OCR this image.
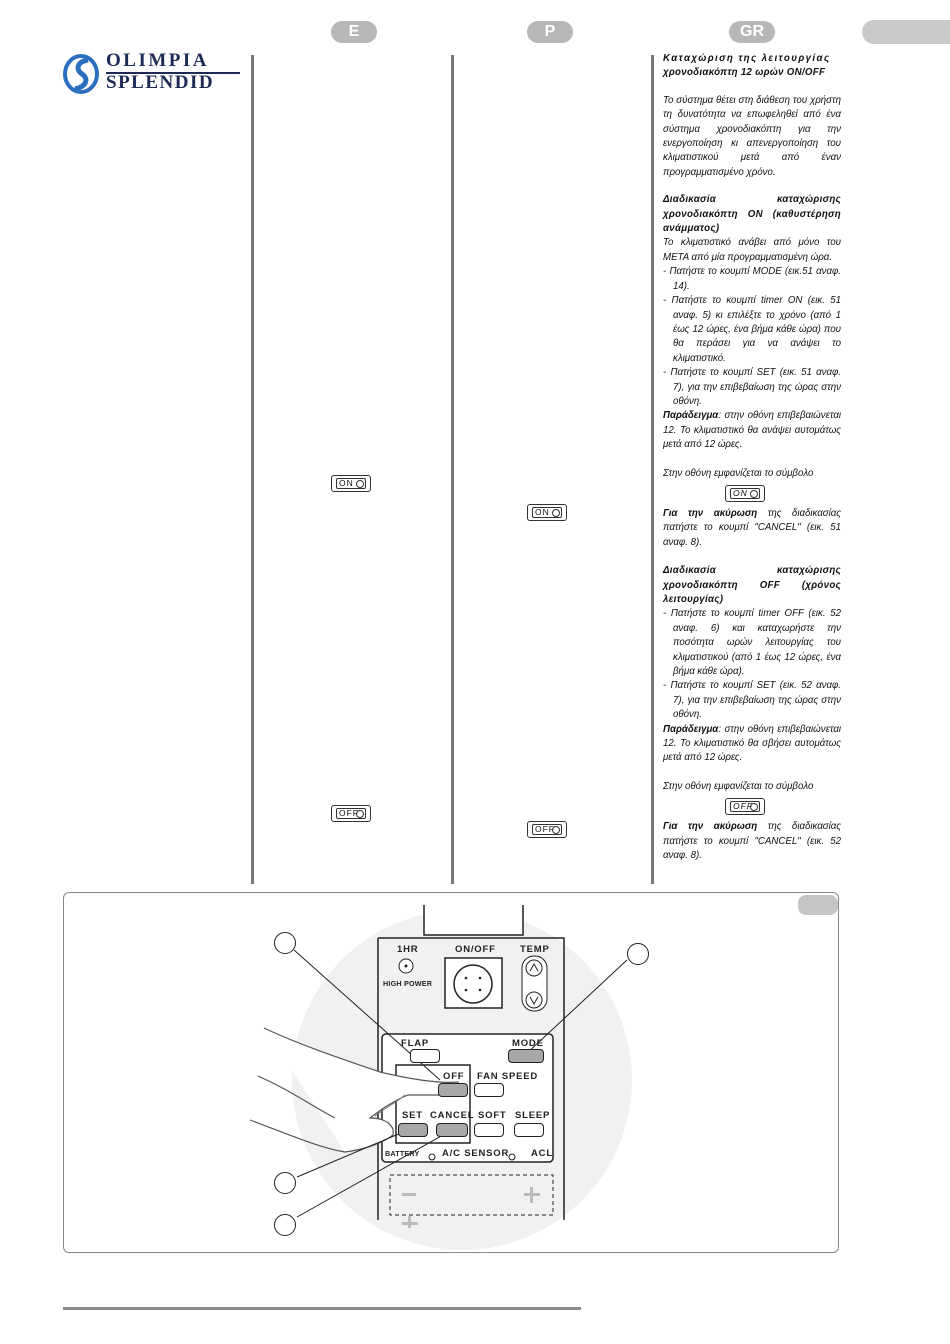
E	P	GR
OLIMPIA
SPLENDID
ON
ON
OFF
OFF

Καταχώριση της λειτουργίας

χρονοδιακόπτη 12 ωρών ON/OFF

Το σύστημα θέτει στη διάθεση του χρήστη τη δυνατότητα να επωφεληθεί από ένα σύστημα χρονοδιακόπτη για την ενεργοποίηση κι απενεργοποίηση του κλιματιστικού μετά από έναν προγραμματισμένο χρόνο.

Διαδικασία καταχώρισης χρονοδιακόπτη ON (καθυστέρηση ανάμματος)

Το κλιματιστικό ανάβει από μόνο του ΜΕΤΑ από μία προγραμματισμένη ώρα.

- Πατήστε το κουμπί MODE (εικ.51 αναφ. 14).

- Πατήστε το κουμπί timer ON (εικ. 51 αναφ. 5) κι επιλέξτε το χρόνο (από 1 έως 12 ώρες, ένα βήμα κάθε ώρα) που θα περάσει για να ανάψει το κλιματιστικό.

- Πατήστε το κουμπί SET (εικ. 51 αναφ. 7), για την επιβεβαίωση της ώρας στην οθόνη.

Παράδειγμα: στην οθόνη επιβεβαιώνεται 12. Το κλιματιστικό θα ανάψει αυτομάτως μετά από 12 ώρες.

Στην οθόνη εμφανίζεται το σύμβολο

ON

Για την ακύρωση της διαδικασίας πατήστε το κουμπί "CANCEL" (εικ. 51 αναφ. 8).

Διαδικασία καταχώρισης χρονοδιακόπτη OFF (χρόνος λειτουργίας)

- Πατήστε το κουμπί timer OFF (εικ. 52 αναφ. 6) και καταχωρήστε την ποσότητα ωρών λειτουργίας του κλιματιστικού (από 1 έως 12 ώρες, ένα βήμα κάθε ώρα).

- Πατήστε το κουμπί SET (εικ. 52 αναφ. 7), για την επιβεβαίωση της ώρας στην οθόνη.

Παράδειγμα: στην οθόνη επιβεβαιώνεται 12. Το κλιματιστικό θα σβήσει αυτομάτως μετά από 12 ώρες.

Στην οθόνη εμφανίζεται το σύμβολο

OFF

Για την ακύρωση της διαδικασίας πατήστε το κουμπί "CANCEL" (εικ. 52 αναφ. 8).

1HR
HIGH POWER
ON/OFF	TEMP
FLAP	MODE
OFF FAN SPEED
SET CANCEL SOFT SLEEP
BATTERY A/C SENSOR ACL
